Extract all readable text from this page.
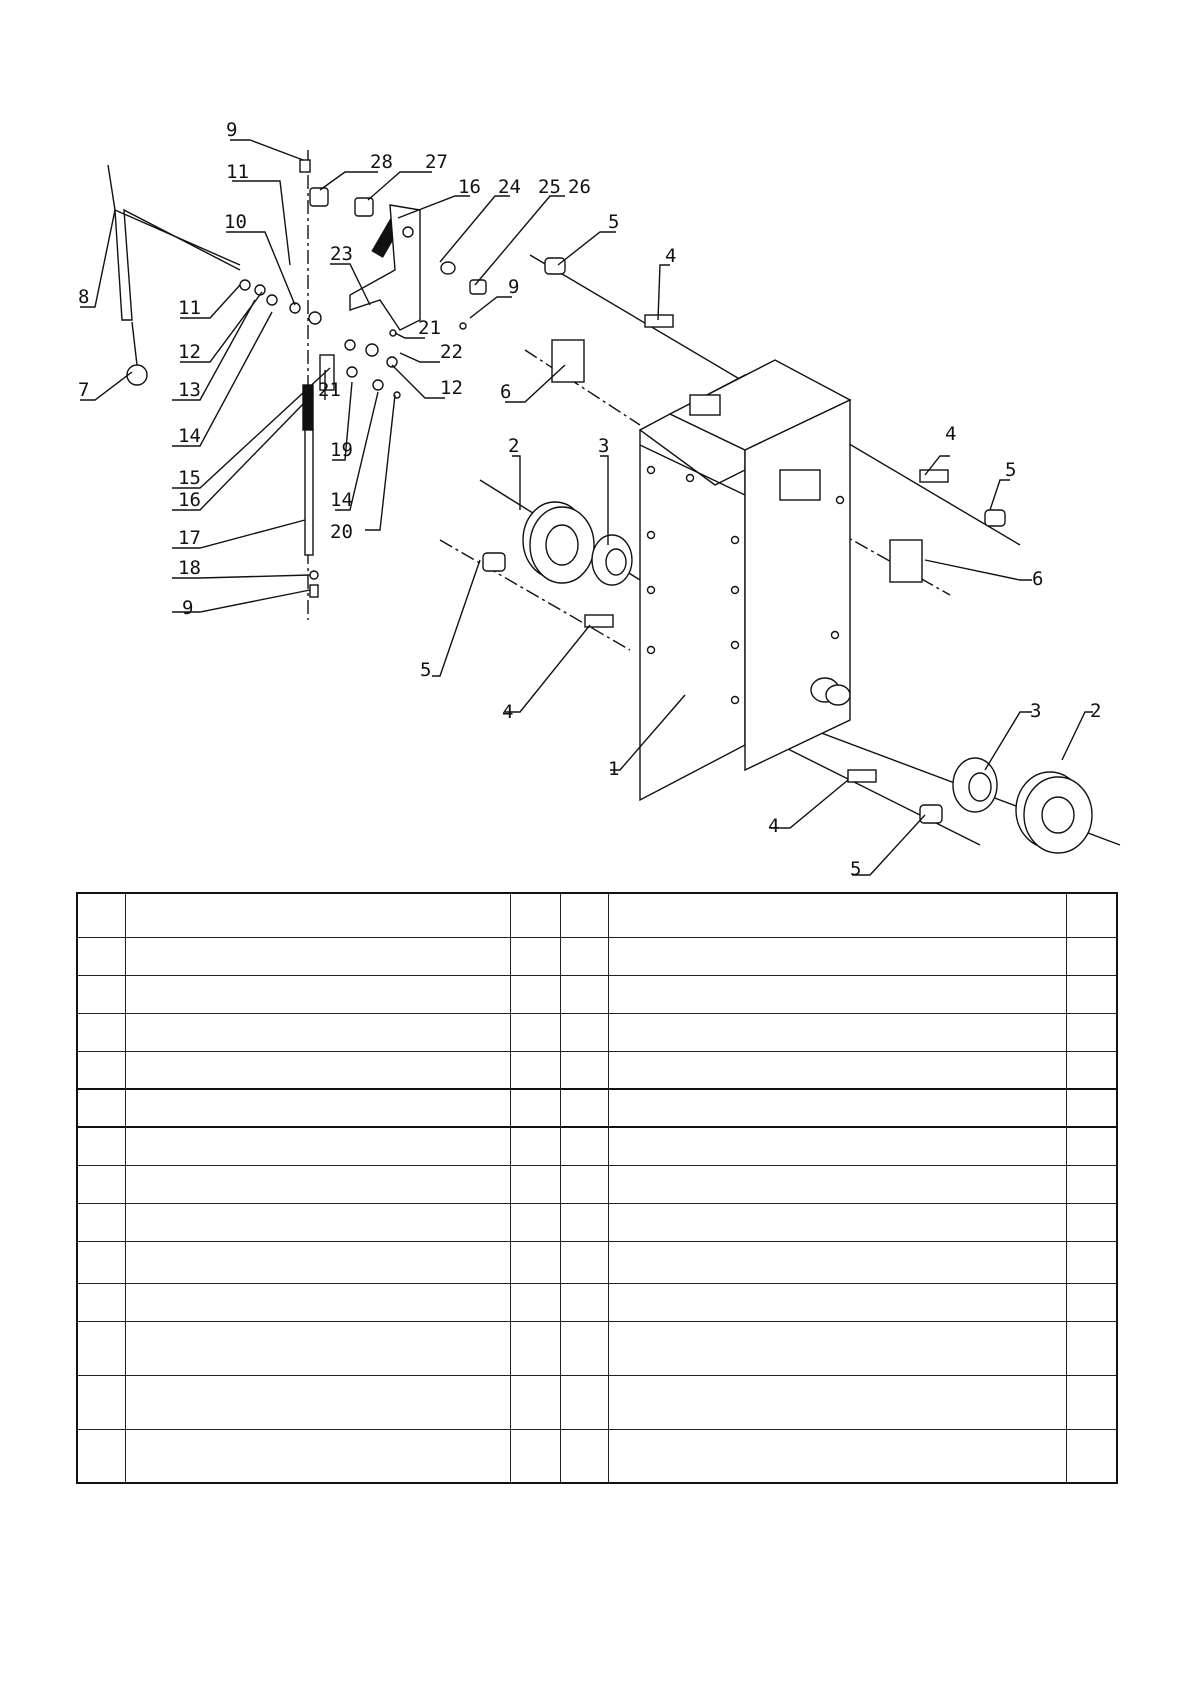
9
28 27
16 24 25 26
11
10
23
9
5
4
8	11
12
21
22
13	12
7	6
14
21
15
19	2	3
4
5
16	14
20
17
6
18
9
5
4
1
3	2
4
5
